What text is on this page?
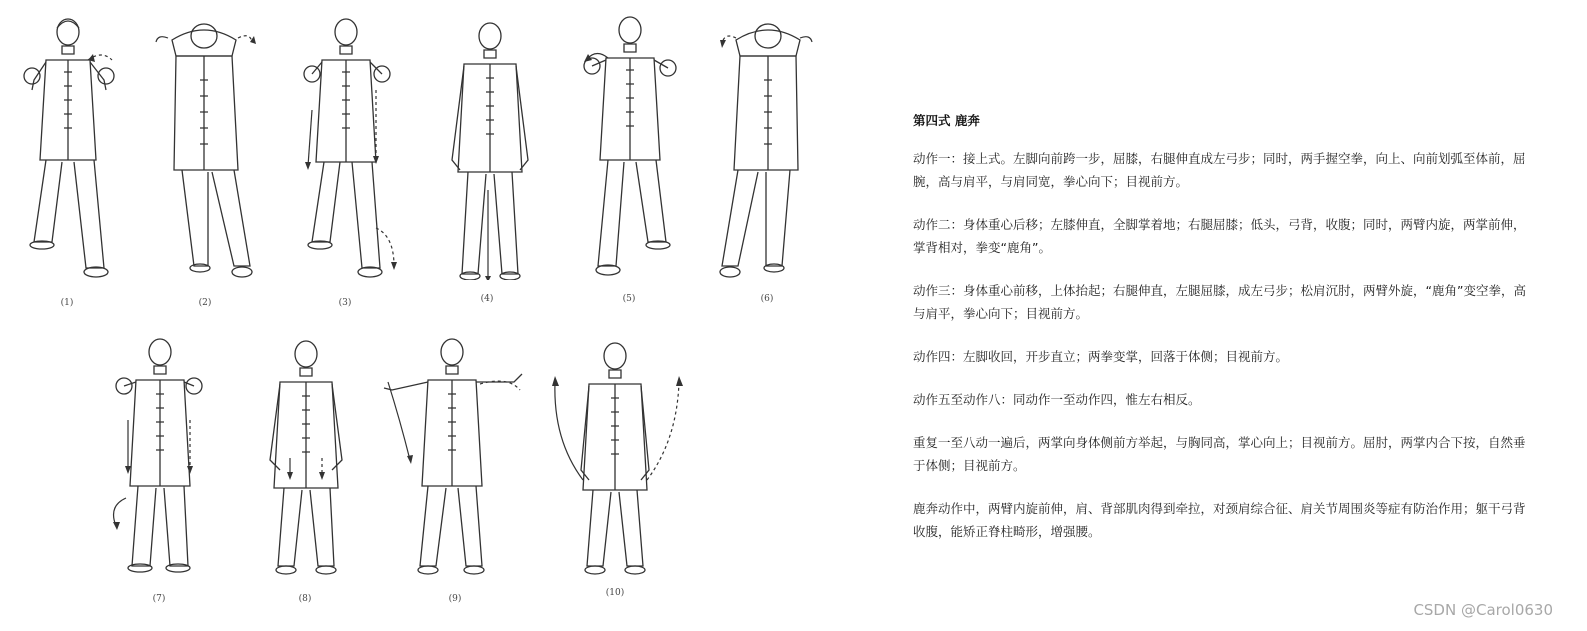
(1)	(2)	(3)	(4)	(5)	(6)
(7)	(8)	(9)
(10)
第四式 鹿奔

动作一：接上式。左脚向前跨一步，屈膝，右腿伸直成左弓步；同时，两手握空拳，向上、向前划弧至体前，屈腕，高与肩平，与肩同宽，拳心向下；目视前方。

动作二：身体重心后移；左膝伸直，全脚掌着地；右腿屈膝；低头，弓背，收腹；同时，两臂内旋，两掌前伸，掌背相对，拳变“鹿角”。

动作三：身体重心前移，上体抬起；右腿伸直，左腿屈膝，成左弓步；松肩沉肘，两臂外旋，“鹿角”变空拳，高与肩平，拳心向下；目视前方。

动作四：左脚收回，开步直立；两拳变掌，回落于体侧；目视前方。

动作五至动作八：同动作一至动作四，惟左右相反。

重复一至八动一遍后，两掌向身体侧前方举起，与胸同高，掌心向上；目视前方。屈肘，两掌内合下按，自然垂于体侧；目视前方。

鹿奔动作中，两臂内旋前伸，肩、背部肌肉得到牵拉，对颈肩综合征、肩关节周围炎等症有防治作用；躯干弓背收腹，能矫正脊柱畸形，增强腰。

CSDN @Carol0630
